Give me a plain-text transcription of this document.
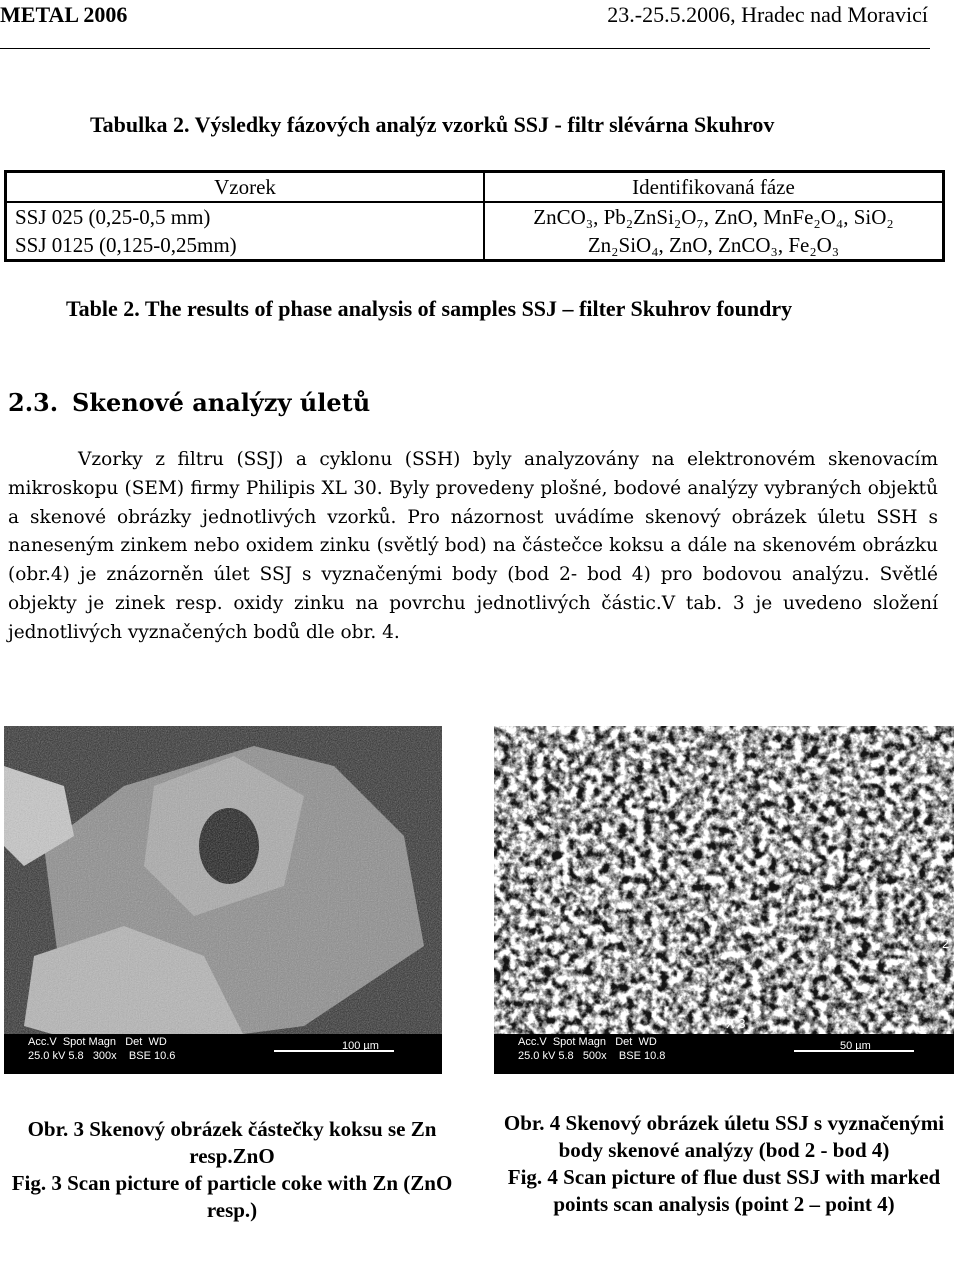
METAL 2006	23.-25.5.2006, Hradec nad Moravicí
Tabulka 2. Výsledky fázových analýz vzorků SSJ - filtr slévárna Skuhrov
Vzorek	Identifikovaná fáze
SSJ 025 (0,25-0,5 mm)	ZnCO₃, Pb₂ZnSi₂O₇, ZnO, MnFe₂O₄, SiO₂
SSJ 0125 (0,125-0,25mm)	Zn₂SiO₄, ZnO, ZnCO₃, Fe₂O₃
Table 2. The results of phase analysis of samples SSJ – filter Skuhrov foundry
2.3. Skenové analýzy úletů
Vzorky z filtru (SSJ) a cyklonu (SSH) byly analyzovány na elektronovém skenovacím mikroskopu (SEM) firmy Philipis XL 30. Byly provedeny plošné, bodové analýzy vybraných objektů a skenové obrázky jednotlivých vzorků. Pro názornost uvádíme skenový obrázek úletu SSH s naneseným zinkem nebo oxidem zinku (světlý bod) na částečce koksu a dále na skenovém obrázku (obr.4) je znázorněn úlet SSJ s vyznačenými body (bod 2- bod 4) pro bodovou analýzu. Světlé objekty je zinek resp. oxidy zinku na povrchu jednotlivých částic.V tab. 3 je uvedeno složení jednotlivých vyznačených bodů dle obr. 4.
Acc.V  Spot Magn   Det  WD
25.0 kV 5.8   300x    BSE 10.6
100 µm
2
X 3
Acc.V  Spot Magn   Det  WD
25.0 kV 5.8   500x    BSE 10.8
50 µm
Obr. 3 Skenový obrázek částečky koksu se Zn resp.ZnO
Fig. 3 Scan picture of particle coke with Zn (ZnO resp.)
Obr. 4 Skenový obrázek úletu SSJ s vyznačenými body skenové analýzy (bod 2 - bod 4)
Fig. 4 Scan picture of flue dust SSJ with marked points scan analysis (point 2 – point 4)
